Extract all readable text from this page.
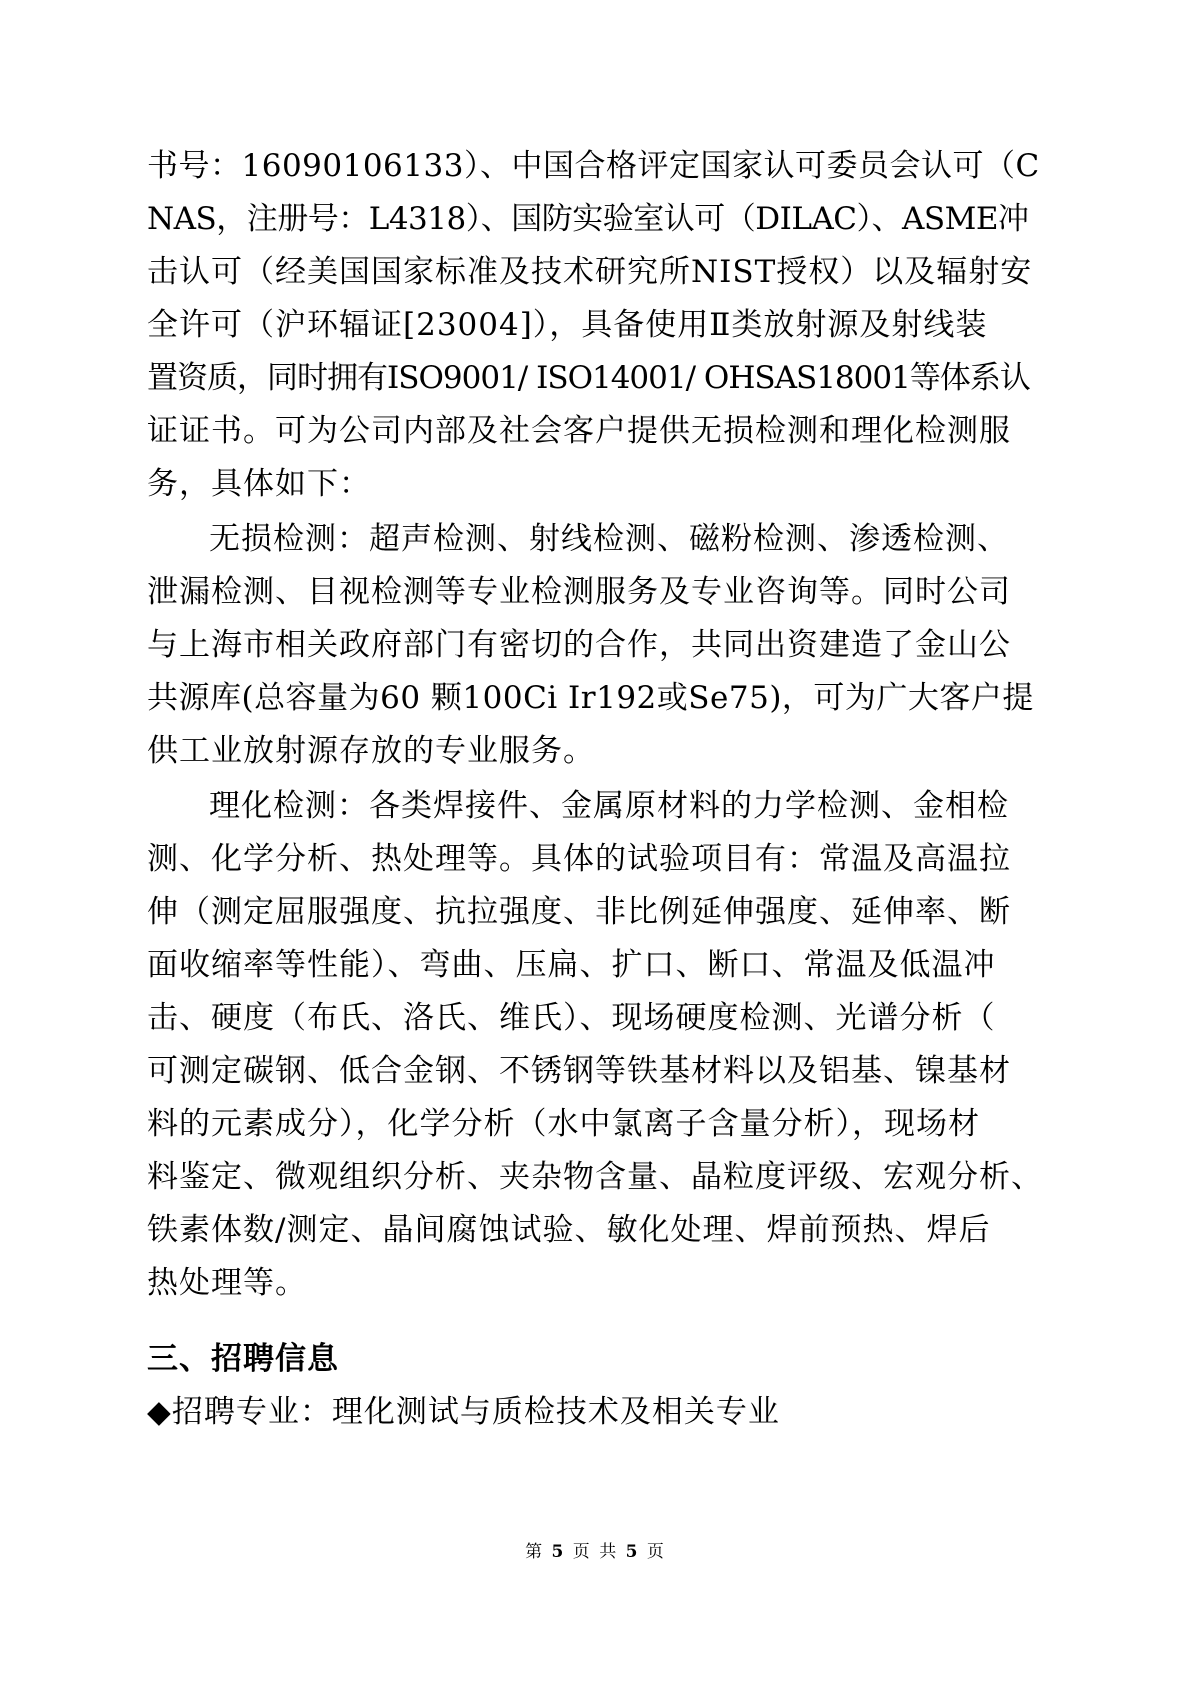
书号：16090106133）、中国合格评定国家认可委员会认可（C
NAS，注册号：L4318）、国防实验室认可（DILAC）、ASME冲
击认可（经美国国家标准及技术研究所NIST授权）以及辐射安
全许可（沪环辐证[23004]），具备使用Ⅱ类放射源及射线装
置资质，同时拥有ISO9001/ ISO14001/ OHSAS18001等体系认
证证书。可为公司内部及社会客户提供无损检测和理化检测服
务，具体如下：
无损检测：超声检测、射线检测、磁粉检测、渗透检测、
泄漏检测、目视检测等专业检测服务及专业咨询等。同时公司
与上海市相关政府部门有密切的合作，共同出资建造了金山公
共源库(总容量为60 颗100Ci Ir192或Se75)，可为广大客户提
供工业放射源存放的专业服务。
理化检测：各类焊接件、金属原材料的力学检测、金相检
测、化学分析、热处理等。具体的试验项目有：常温及高温拉
伸（测定屈服强度、抗拉强度、非比例延伸强度、延伸率、断
面收缩率等性能）、弯曲、压扁、扩口、断口、常温及低温冲
击、硬度（布氏、洛氏、维氏）、现场硬度检测、光谱分析（
可测定碳钢、低合金钢、不锈钢等铁基材料以及铝基、镍基材
料的元素成分），化学分析（水中氯离子含量分析），现场材
料鉴定、微观组织分析、夹杂物含量、晶粒度评级、宏观分析、
铁素体数/测定、晶间腐蚀试验、敏化处理、焊前预热、焊后
热处理等。
三、招聘信息
◆招聘专业：理化测试与质检技术及相关专业
第 5 页 共 5 页
